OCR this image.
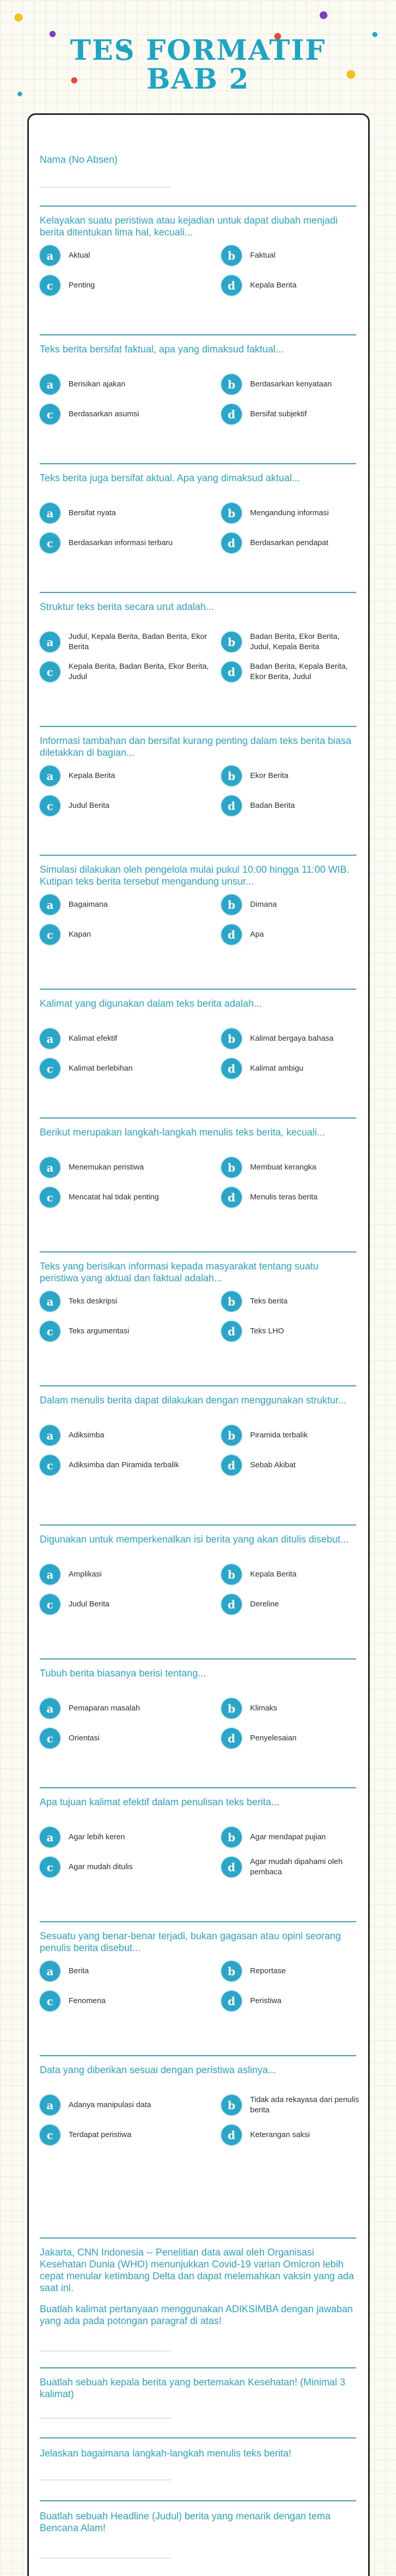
TES FORMATIF
BAB 2
Nama (No Absen)
Kelayakan suatu peristiwa atau kejadian untuk dapat diubah menjadi berita ditentukan lima hal, kecuali...
a	Aktual	b	Faktual
c	Penting	d	Kepala Berita
Teks berita bersifat faktual, apa yang dimaksud faktual...
a	Berisikan ajakan	b	Berdasarkan kenyataan
c	Berdasarkan asumsi	d	Bersifat subjektif
Teks berita juga bersifat aktual. Apa yang dimaksud aktual...
a	Bersifat nyata	b	Mengandung informasi
c	Berdasarkan informasi terbaru	d	Berdasarkan pendapat
Struktur teks berita secara urut adalah...
a	Judul, Kepala Berita, Badan Berita, Ekor Berita	b	Badan Berita, Ekor Berita, Judul, Kepala Berita
c	Kepala Berita, Badan Berita, Ekor Berita, Judul	d	Badan Berita, Kepala Berita, Ekor Berita, Judul
Informasi tambahan dan bersifat kurang penting dalam teks berita biasa diletakkan di bagian...
a	Kepala Berita	b	Ekor Berita
c	Judul Berita	d	Badan Berita
Simulasi dilakukan oleh pengelola mulai pukul 10:00 hingga 11:00 WIB. Kutipan teks berita tersebut mengandung unsur...
a	Bagaimana	b	Dimana
c	Kapan	d	Apa
Kalimat yang digunakan dalam teks berita adalah...
a	Kalimat efektif	b	Kalimat bergaya bahasa
c	Kalimat berlebihan	d	Kalimat ambigu
Berikut merupakan langkah-langkah menulis teks berita, kecuali...
a	Menemukan peristiwa	b	Membuat kerangka
c	Mencatat hal tidak penting	d	Menulis teras berita
Teks yang berisikan informasi kepada masyarakat tentang suatu peristiwa yang aktual dan faktual adalah...
a	Teks deskripsi	b	Teks berita
c	Teks argumentasi	d	Teks LHO
Dalam menulis berita dapat dilakukan dengan menggunakan struktur...
a	Adiksimba	b	Piramida terbalik
c	Adiksimba dan Piramida terbalik	d	Sebab Akibat
Digunakan untuk memperkenalkan isi berita yang akan ditulis disebut...
a	Amplikasi	b	Kepala Berita
c	Judul Berita	d	Dereline
Tubuh berita biasanya berisi tentang...
a	Pemaparan masalah	b	Klimaks
c	Orientasi	d	Penyelesaian
Apa tujuan kalimat efektif dalam penulisan teks berita...
a	Agar lebih keren	b	Agar mendapat pujian
c	Agar mudah ditulis	d	Agar mudah dipahami oleh pembaca
Sesuatu yang benar-benar terjadi, bukan gagasan atau opini seorang penulis berita disebut...
a	Berita	b	Reportase
c	Fenomena	d	Peristiwa
Data yang diberikan sesuai dengan peristiwa aslinya...
a	Adanya manipulasi data	b	Tidak ada rekayasa dari penulis berita
c	Terdapat peristiwa	d	Keterangan saksi
Jakarta, CNN Indonesia -- Penelitian data awal oleh Organisasi Kesehatan Dunia (WHO) menunjukkan Covid-19 varian Omicron lebih cepat menular ketimbang Delta dan dapat melemahkan vaksin yang ada saat ini.
Buatlah kalimat pertanyaan menggunakan ADIKSIMBA dengan jawaban yang ada pada potongan paragraf di atas!
Buatlah sebuah kepala berita yang bertemakan Kesehatan! (Minimal 3 kalimat)
Jelaskan bagaimana langkah-langkah menulis teks berita!
Buatlah sebuah Headline (Judul) berita yang menarik dengan tema Bencana Alam!
